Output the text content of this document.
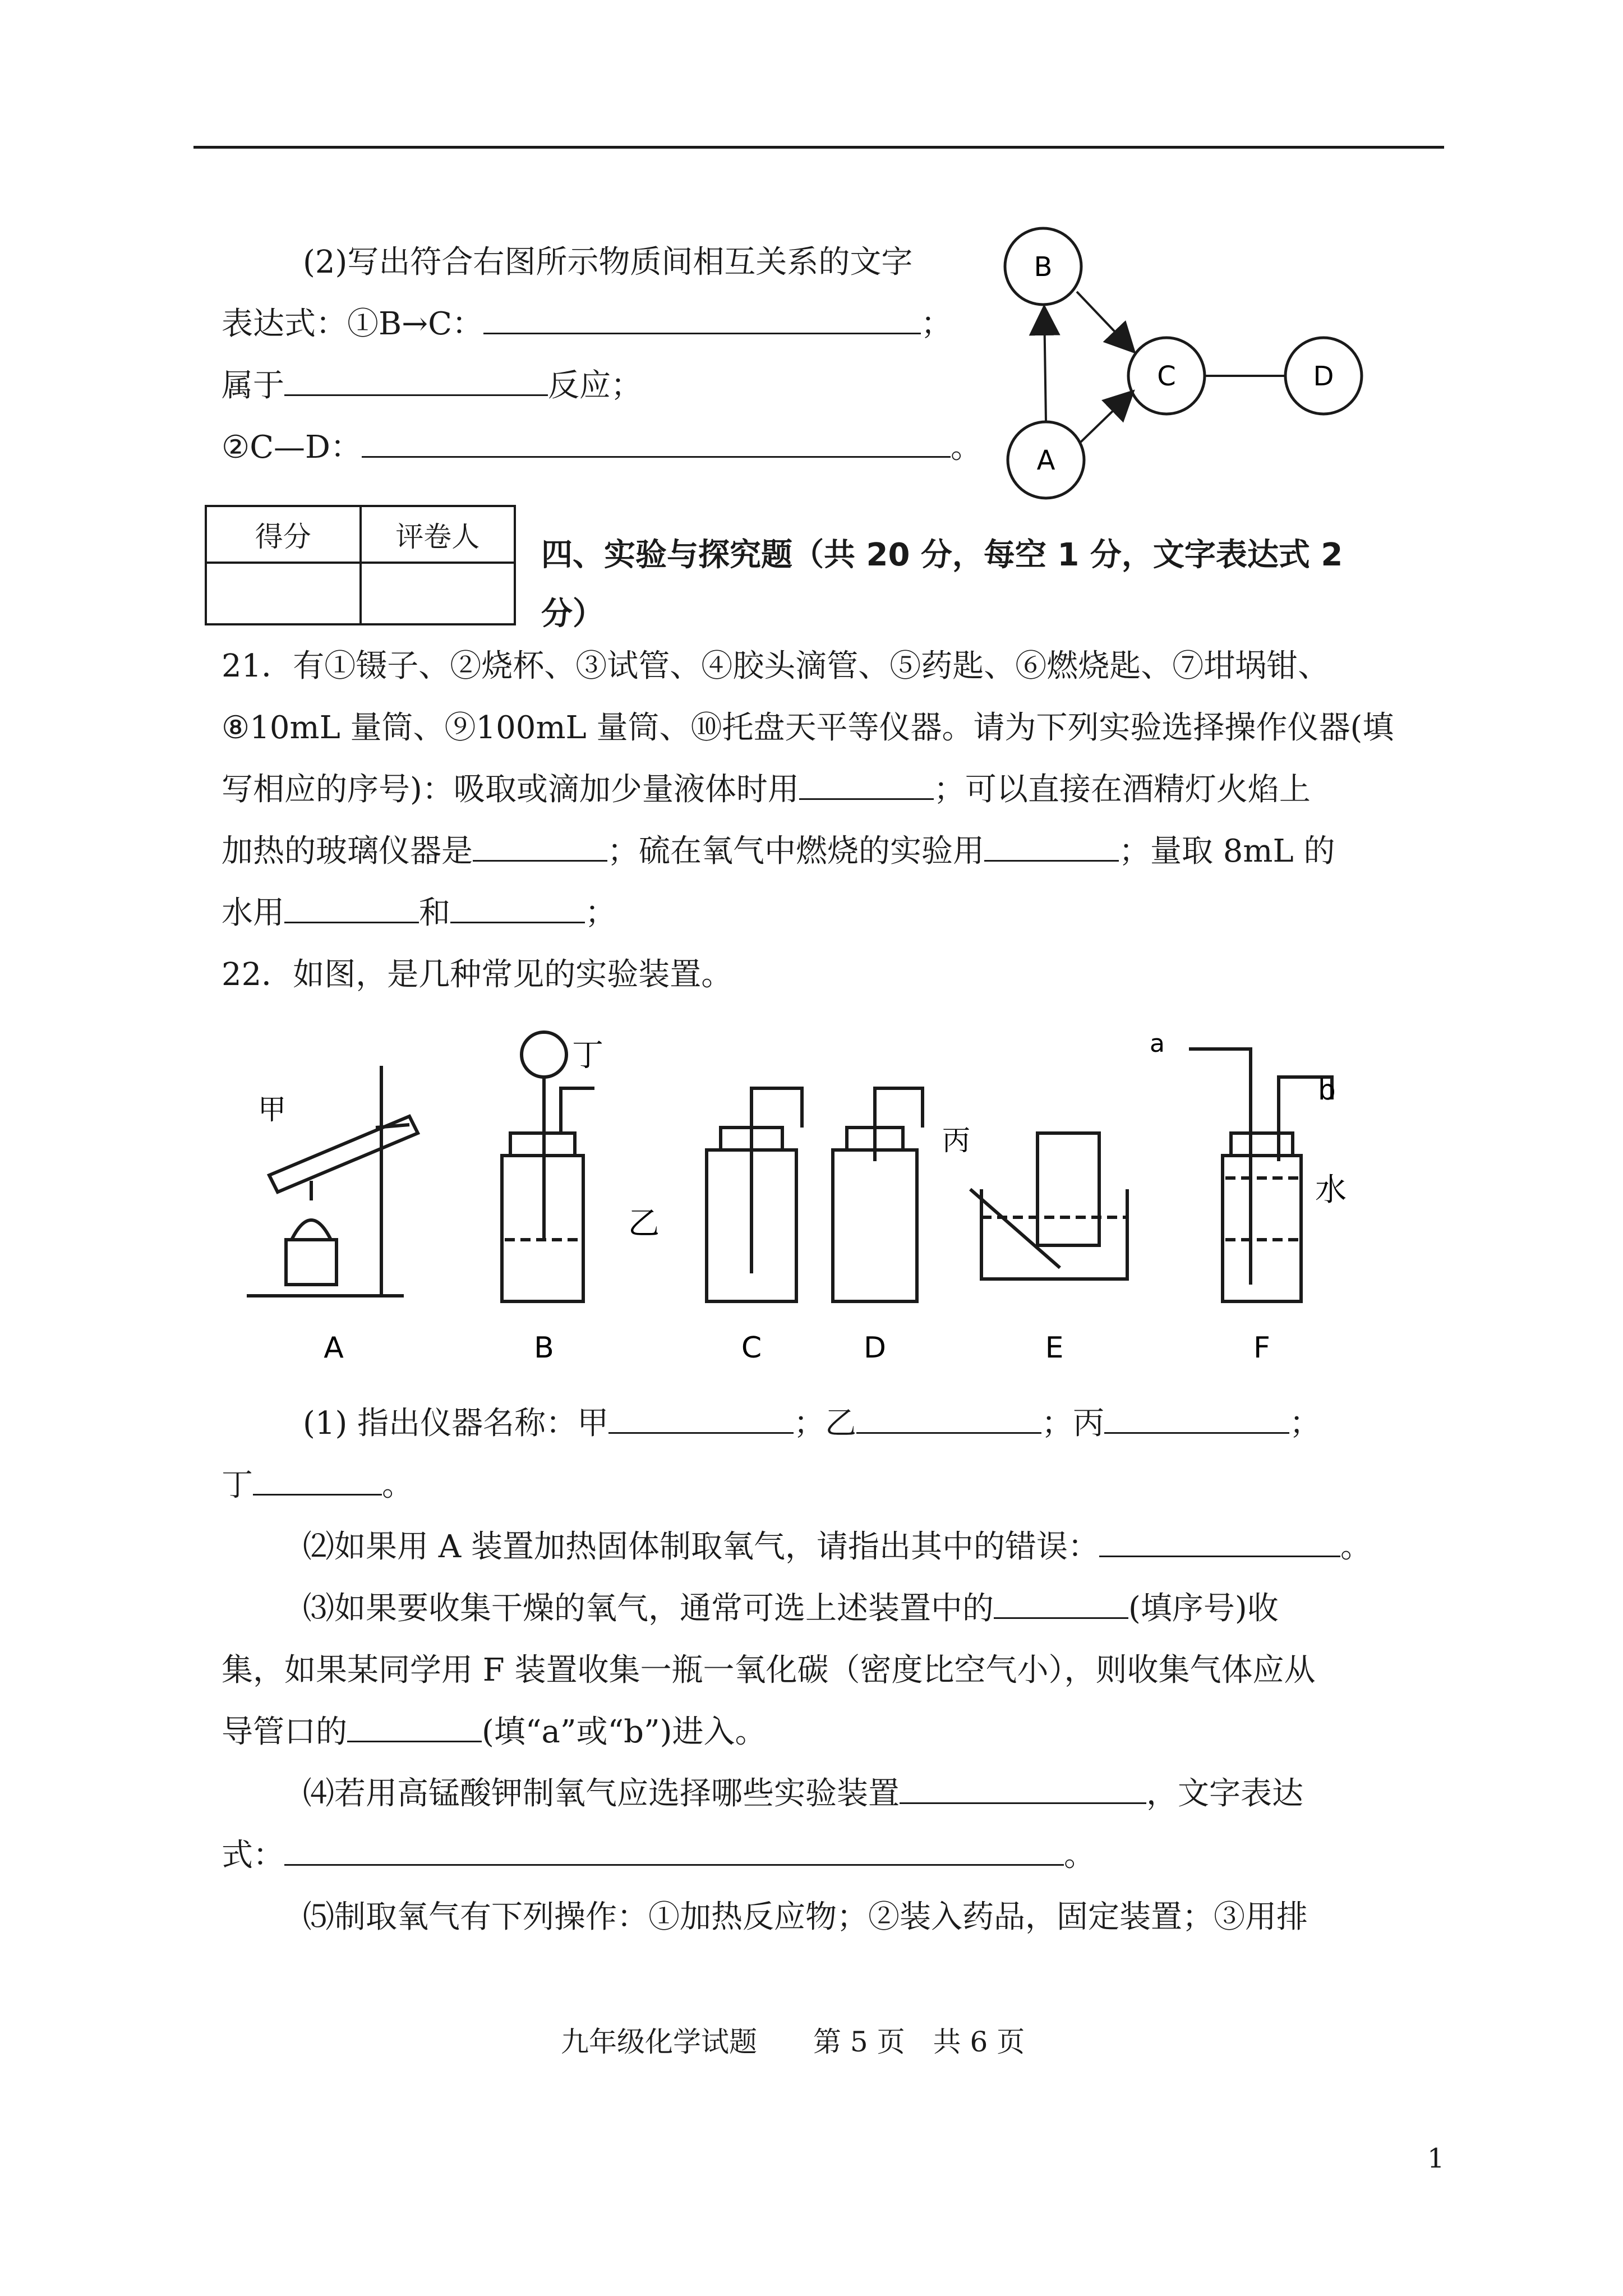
(2)写出符合右图所示物质间相互关系的文字
表达式：①B→C：	；
属于	反应；
②C—D：	。
B
C	D
A
得分	评卷人

四、实验与探究题（共 20 分，每空 1 分，文字表达式 2
分）
21．有①镊子、②烧杯、③试管、④胶头滴管、⑤药匙、⑥燃烧匙、⑦坩埚钳、
⑧10mL 量筒、⑨100mL 量筒、⑩托盘天平等仪器。请为下列实验选择操作仪器(填
写相应的序号)：吸取或滴加少量液体时用	；可以直接在酒精灯火焰上
加热的玻璃仪器是	；硫在氧气中燃烧的实验用	；量取 8mL 的
水用	和	；
22．如图，是几种常见的实验装置。
甲
丁
乙
丙
水
a
b
A	B	C	D	E	F
(1) 指出仪器名称：甲	；乙	；丙	；
丁	。
⑵如果用 A 装置加热固体制取氧气，请指出其中的错误：	。
⑶如果要收集干燥的氧气，通常可选上述装置中的	(填序号)收
集，如果某同学用 F 装置收集一瓶一氧化碳（密度比空气小），则收集气体应从
导管口的	(填“a”或“b”)进入。
⑷若用高锰酸钾制氧气应选择哪些实验装置	，文字表达
式：	。
⑸制取氧气有下列操作：①加热反应物；②装入药品，固定装置；③用排
九年级化学试题　　第 5 页　共 6 页
1
